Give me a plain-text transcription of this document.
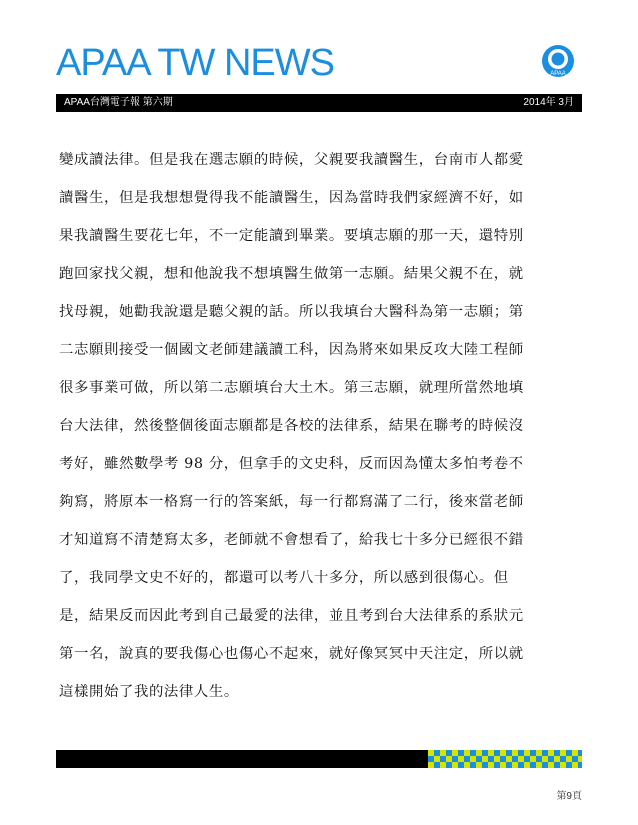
APAA TW NEWS	APAA
APAA台灣電子報 第六期	2014年 3月

變成讀法律。但是我在選志願的時候，父親要我讀醫生，台南市人都愛

讀醫生，但是我想想覺得我不能讀醫生，因為當時我們家經濟不好，如

果我讀醫生要花七年，不一定能讀到畢業。要填志願的那一天，還特別

跑回家找父親，想和他說我不想填醫生做第一志願。結果父親不在，就

找母親，她勸我說還是聽父親的話。所以我填台大醫科為第一志願；第

二志願則接受一個國文老師建議讀工科，因為將來如果反攻大陸工程師

很多事業可做，所以第二志願填台大土木。第三志願，就理所當然地填

台大法律，然後整個後面志願都是各校的法律系，結果在聯考的時候沒

考好，雖然數學考 98 分，但拿手的文史科，反而因為懂太多怕考卷不

夠寫，將原本一格寫一行的答案紙，每一行都寫滿了二行，後來當老師

才知道寫不清楚寫太多，老師就不會想看了，給我七十多分已經很不錯

了，我同學文史不好的，都還可以考八十多分，所以感到很傷心。但

是，結果反而因此考到自己最愛的法律，並且考到台大法律系的系狀元

第一名，說真的要我傷心也傷心不起來，就好像冥冥中天注定，所以就

這樣開始了我的法律人生。

第9頁
